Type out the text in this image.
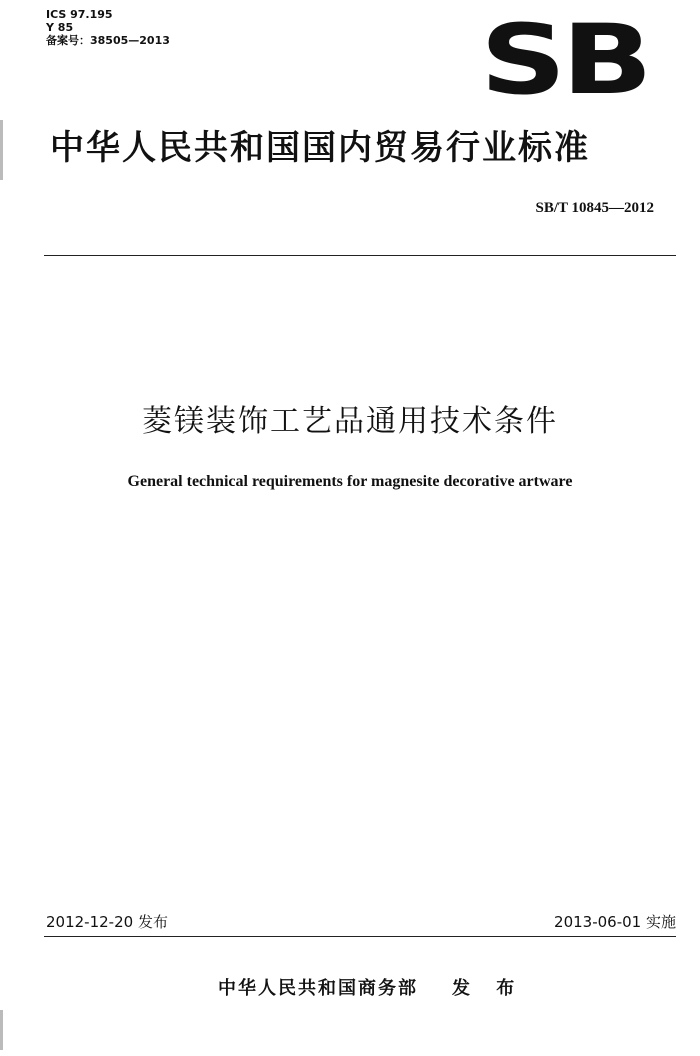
ICS 97.195
Y 85
备案号：38505—2013	SB
中华人民共和国国内贸易行业标准
SB/T 10845—2012
菱镁装饰工艺品通用技术条件
General technical requirements for magnesite decorative artware
2012-12-20 发布	2013-06-01 实施
中华人民共和国商务部 发 布
